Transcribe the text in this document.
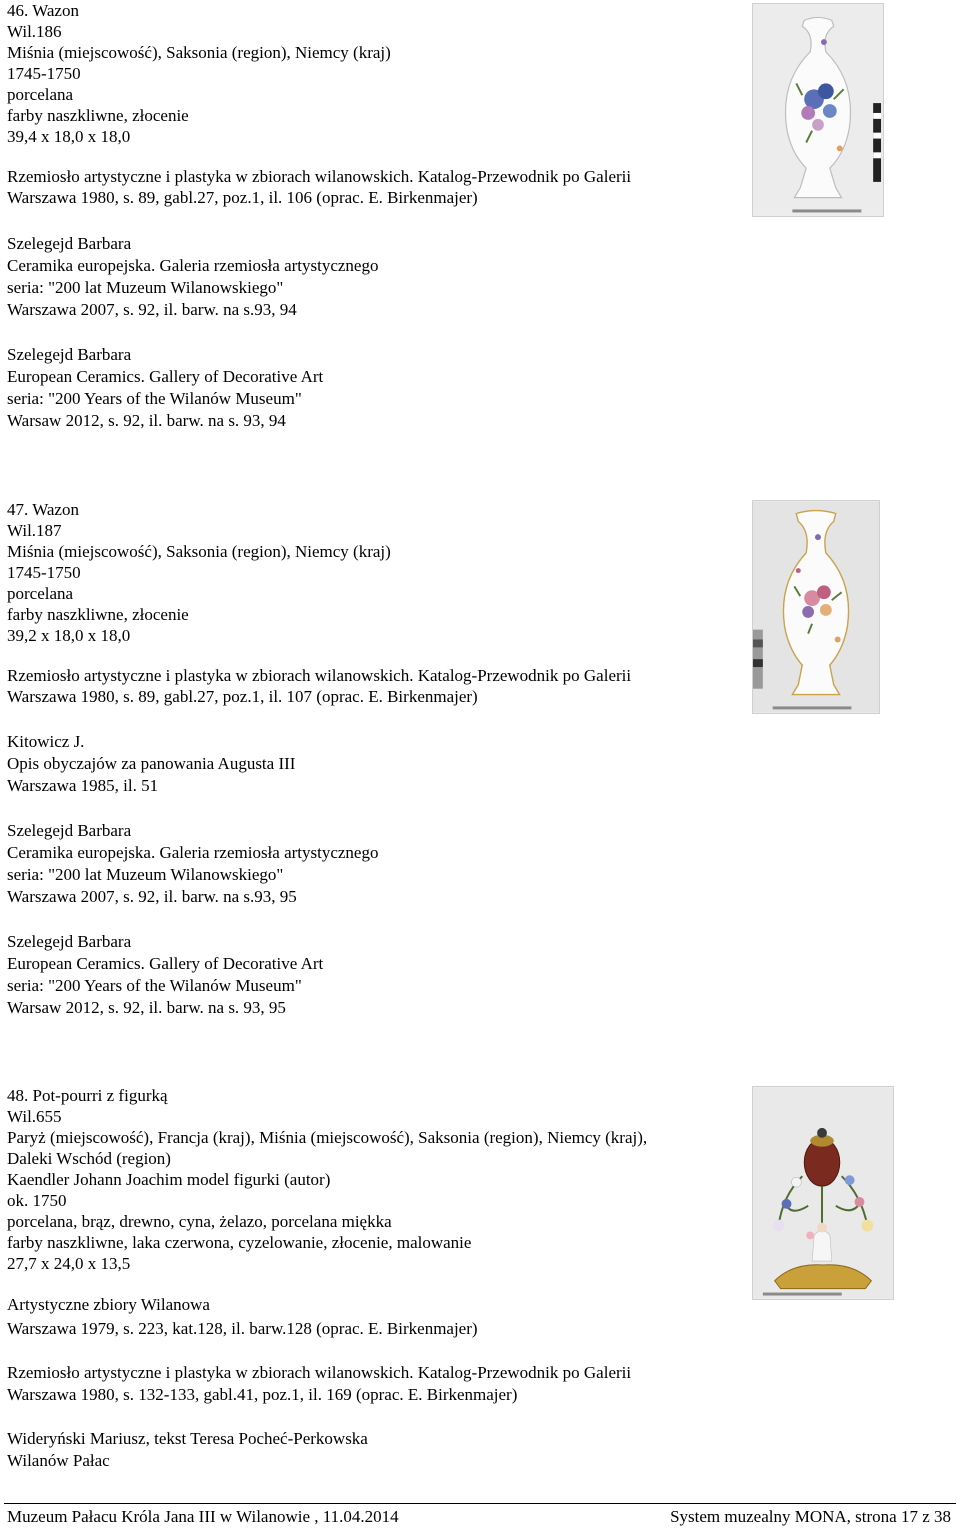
46. Wazon
Wil.186
Miśnia (miejscowość), Saksonia (region), Niemcy (kraj)
1745-1750
porcelana
farby naszkliwne, złocenie
39,4 x 18,0 x 18,0
Rzemiosło artystyczne i plastyka w zbiorach wilanowskich. Katalog-Przewodnik po Galerii
Warszawa 1980, s. 89, gabl.27, poz.1, il. 106 (oprac. E. Birkenmajer)
Szelegejd Barbara
Ceramika europejska. Galeria rzemiosła artystycznego
seria: "200 lat Muzeum Wilanowskiego"
Warszawa 2007, s. 92, il. barw. na s.93, 94
Szelegejd Barbara
European Ceramics. Gallery of Decorative Art
seria: "200 Years of the Wilanów Museum"
Warsaw 2012, s. 92, il. barw. na s. 93, 94
47. Wazon
Wil.187
Miśnia (miejscowość), Saksonia (region), Niemcy (kraj)
1745-1750
porcelana
farby naszkliwne, złocenie
39,2 x 18,0 x 18,0
Rzemiosło artystyczne i plastyka w zbiorach wilanowskich. Katalog-Przewodnik po Galerii
Warszawa 1980, s. 89, gabl.27, poz.1, il. 107 (oprac. E. Birkenmajer)
Kitowicz J.
Opis obyczajów za panowania Augusta III
Warszawa 1985, il. 51
Szelegejd Barbara
Ceramika europejska. Galeria rzemiosła artystycznego
seria: "200 lat Muzeum Wilanowskiego"
Warszawa 2007, s. 92, il. barw. na s.93, 95
Szelegejd Barbara
European Ceramics. Gallery of Decorative Art
seria: "200 Years of the Wilanów Museum"
Warsaw 2012, s. 92, il. barw. na s. 93, 95
48. Pot-pourri z figurką
Wil.655
Paryż (miejscowość), Francja (kraj), Miśnia (miejscowość), Saksonia (region), Niemcy (kraj),
Daleki Wschód (region)
Kaendler Johann Joachim model figurki (autor)
ok. 1750
porcelana, brąz, drewno, cyna, żelazo, porcelana miękka
farby naszkliwne, laka czerwona, cyzelowanie, złocenie, malowanie
27,7 x 24,0 x 13,5
Artystyczne zbiory Wilanowa
Warszawa 1979, s. 223, kat.128, il. barw.128 (oprac. E. Birkenmajer)
Rzemiosło artystyczne i plastyka w zbiorach wilanowskich. Katalog-Przewodnik po Galerii
Warszawa 1980, s. 132-133, gabl.41, poz.1, il. 169 (oprac. E. Birkenmajer)
Wideryński Mariusz, tekst Teresa Pocheć-Perkowska
Wilanów Pałac
Muzeum Pałacu Króla Jana III w Wilanowie , 11.04.2014	System muzealny MONA, strona 17 z 38
